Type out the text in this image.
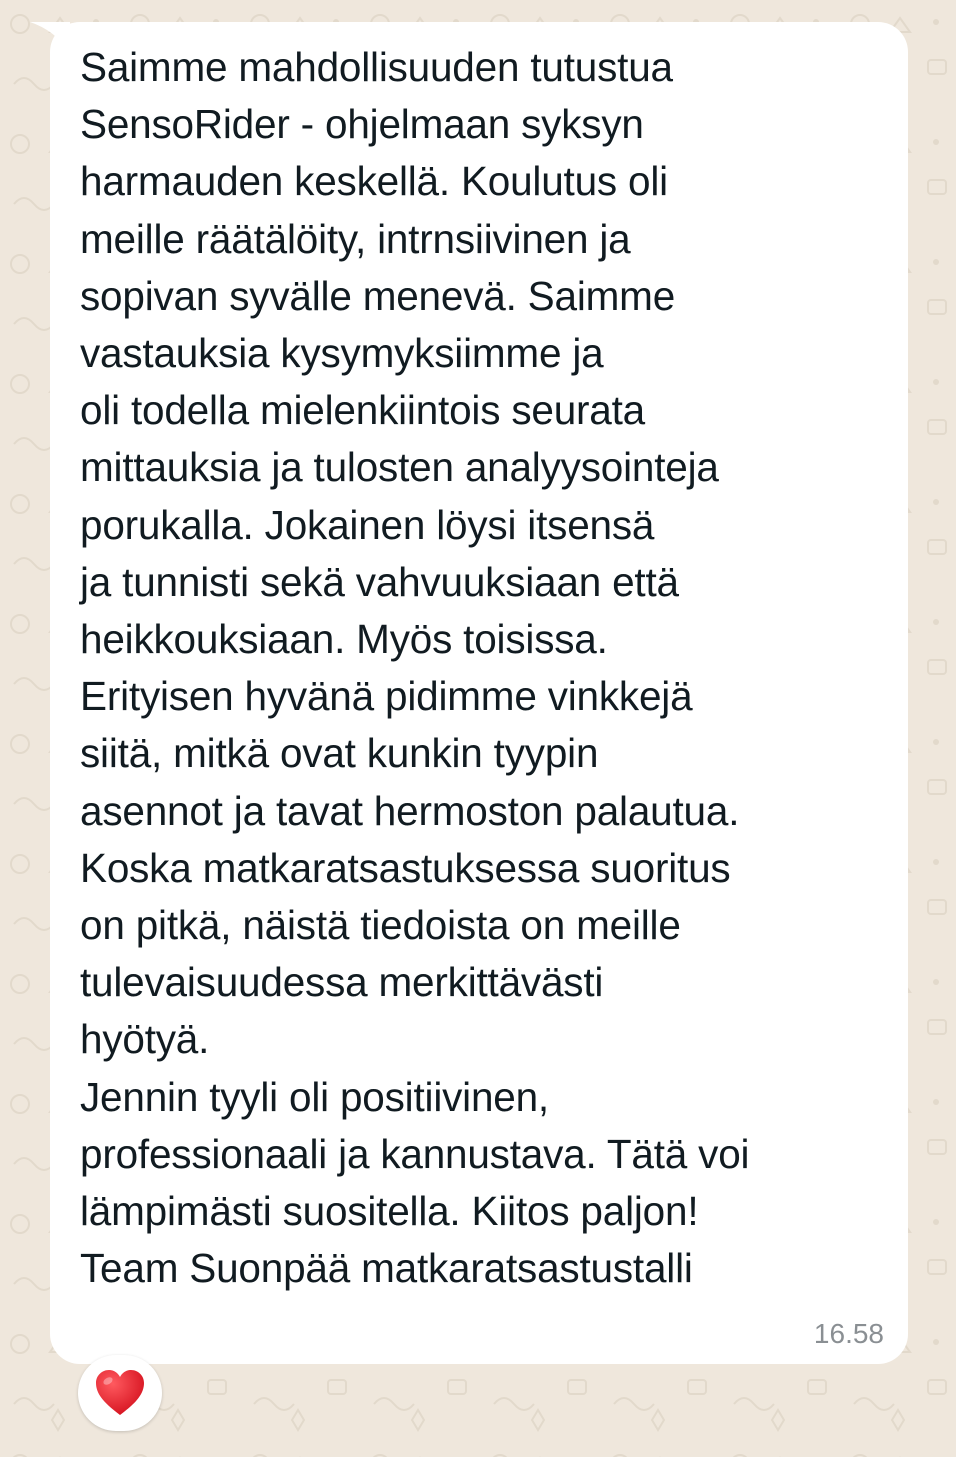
Saimme mahdollisuuden tutustua
SensoRider - ohjelmaan syksyn
harmauden keskellä. Koulutus oli
meille räätälöity, intrnsiivinen ja
sopivan syvälle menevä. Saimme
vastauksia kysymyksiimme ja
oli todella mielenkiintois seurata
mittauksia ja tulosten analyysointeja
porukalla. Jokainen löysi itsensä
ja tunnisti sekä vahvuuksiaan että
heikkouksiaan. Myös toisissa.
Erityisen hyvänä pidimme vinkkejä
siitä, mitkä ovat kunkin tyypin
asennot ja tavat hermoston palautua.
Koska matkaratsastuksessa suoritus
on pitkä, näistä tiedoista on meille
tulevaisuudessa merkittävästi
hyötyä.
Jennin tyyli oli positiivinen,
professionaali ja kannustava. Tätä voi
lämpimästi suositella. Kiitos paljon!
Team Suonpää matkaratsastustalli

16.58
